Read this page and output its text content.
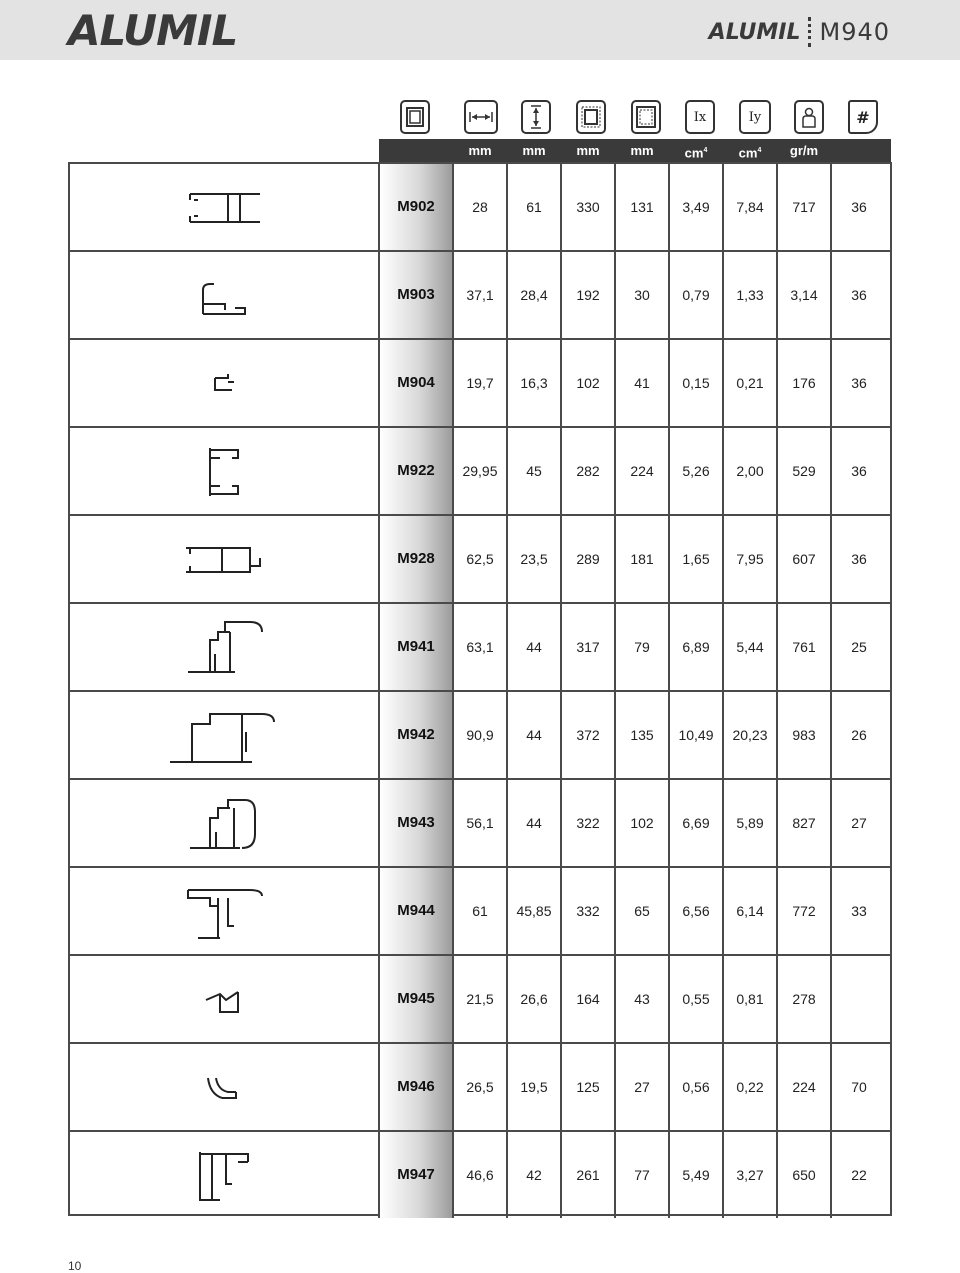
ALUMIL	ALUMIL M940
Ix	Iy	#
mm	mm	mm	mm	$cm^4$	$cm^4$	gr/m
M902	28	61	330	131	3,49	7,84	717	36
M903	37,1	28,4	192	30	0,79	1,33	3,14	36
M904	19,7	16,3	102	41	0,15	0,21	176	36
M922	29,95	45	282	224	5,26	2,00	529	36
M928	62,5	23,5	289	181	1,65	7,95	607	36
M941	63,1	44	317	79	6,89	5,44	761	25
M942	90,9	44	372	135	10,49	20,23	983	26
M943	56,1	44	322	102	6,69	5,89	827	27
M944	61	45,85	332	65	6,56	6,14	772	33
M945	21,5	26,6	164	43	0,55	0,81	278
M946	26,5	19,5	125	27	0,56	0,22	224	70
M947	46,6	42	261	77	5,49	3,27	650	22
10
